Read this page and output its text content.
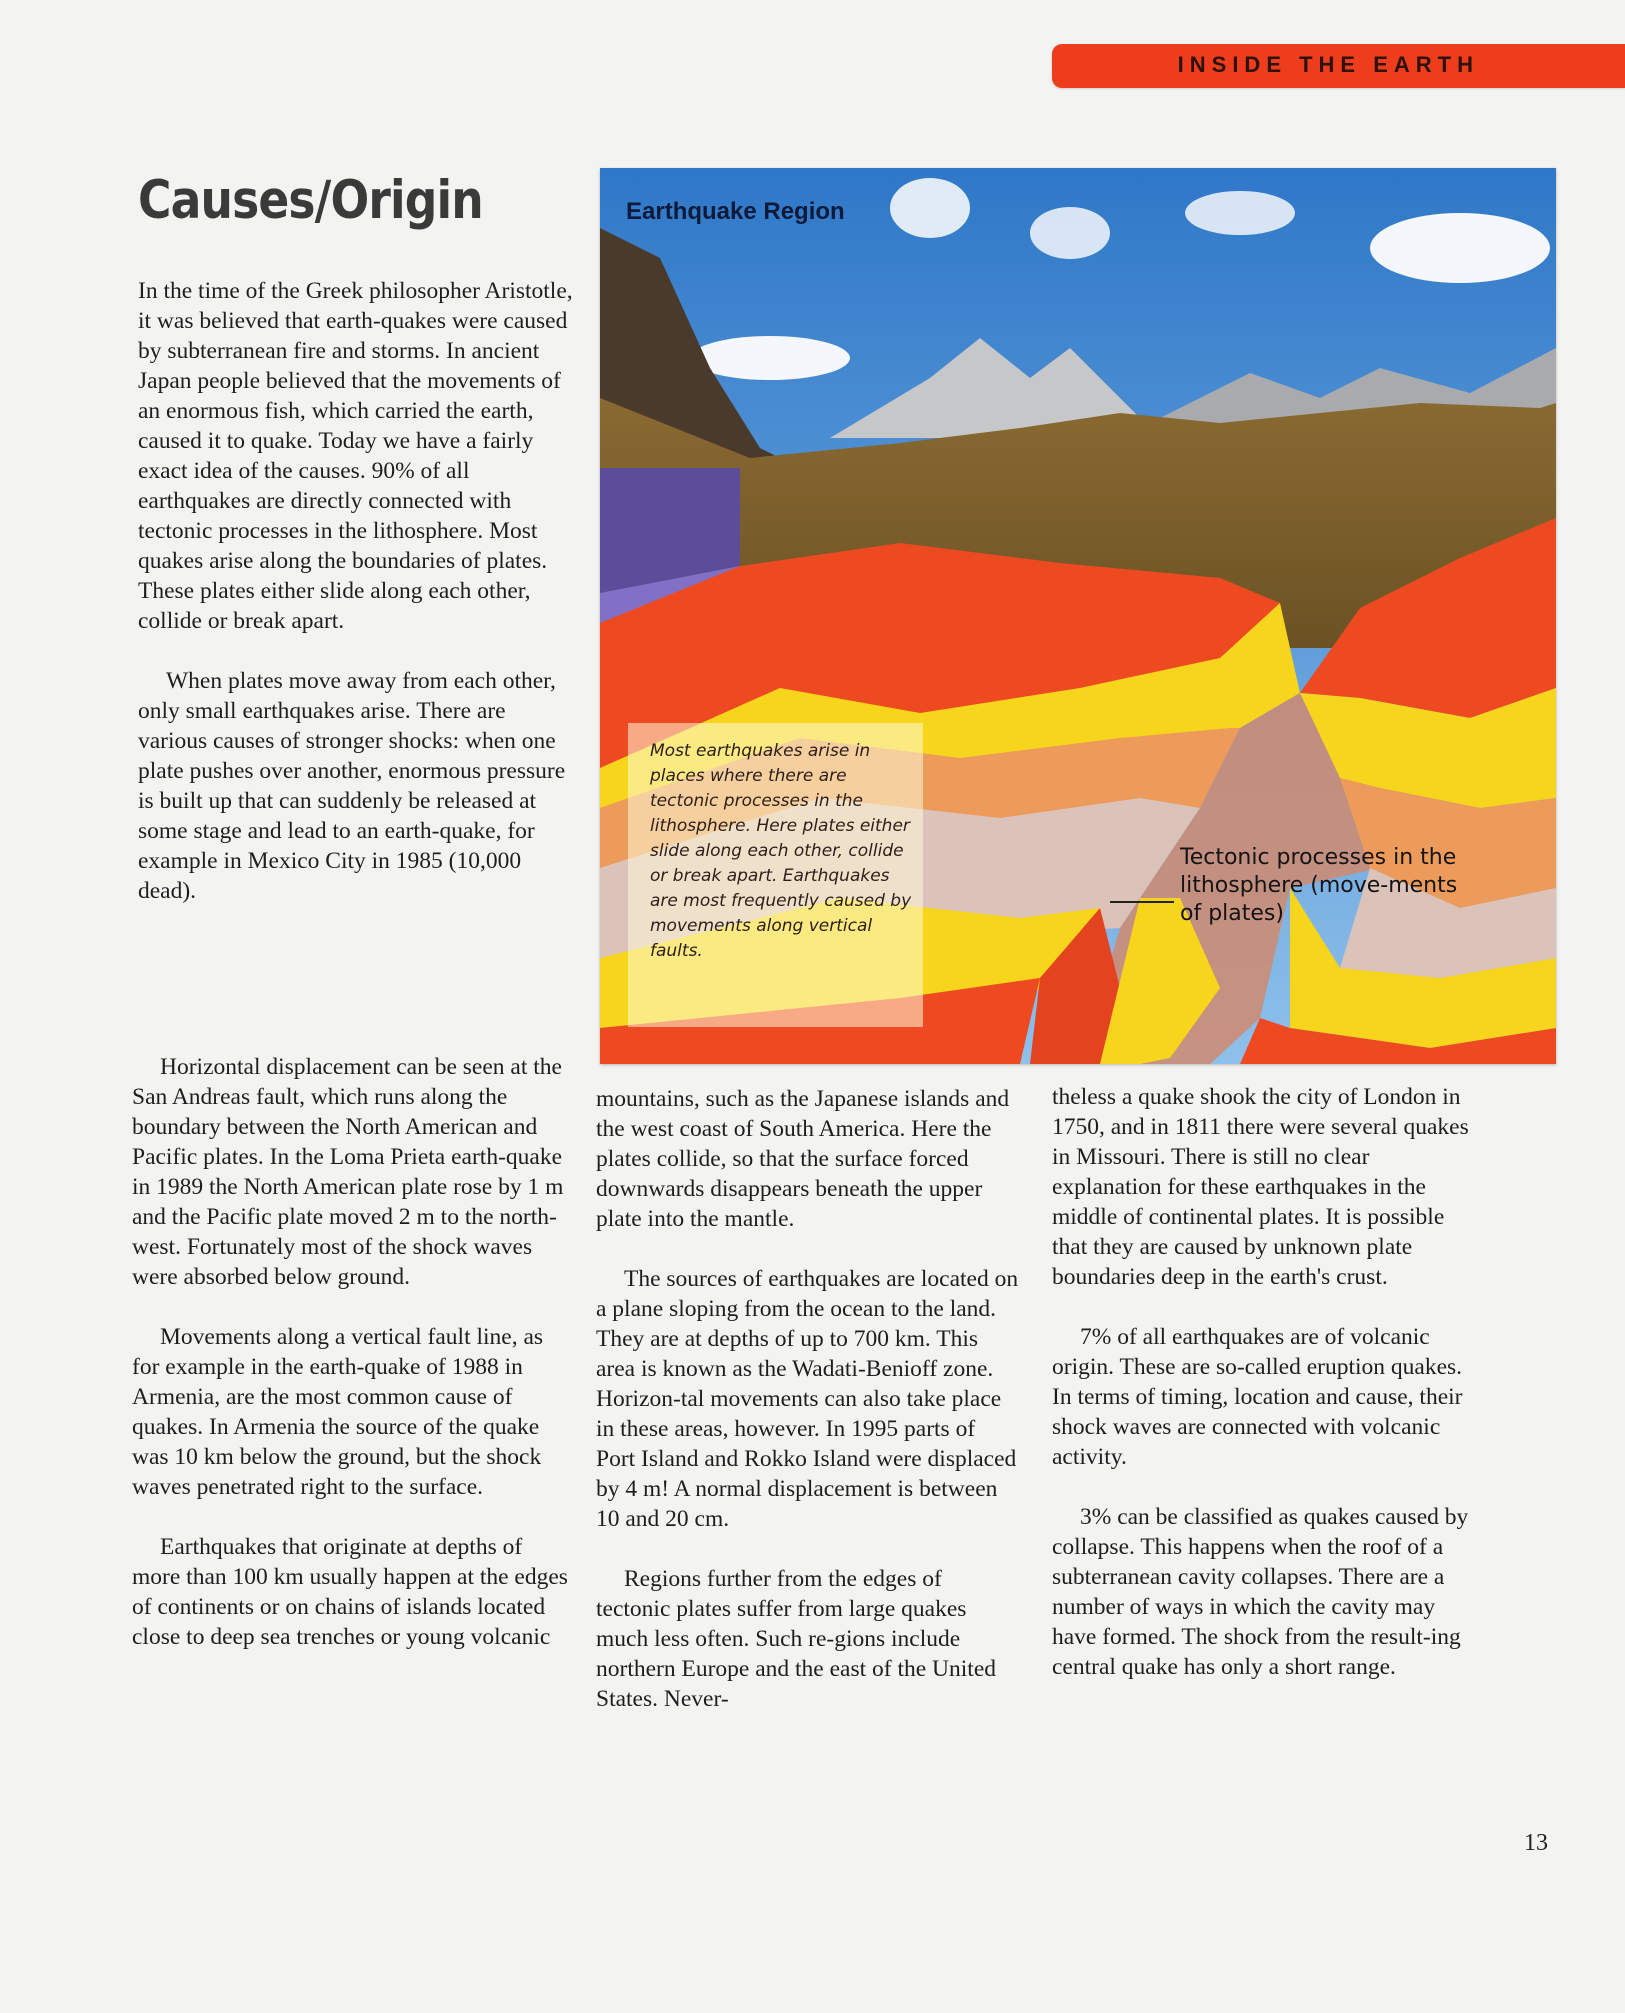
INSIDE THE EARTH
Causes/Origin

In the time of the Greek philosopher Aristotle, it was believed that earth-quakes were caused by subterranean fire and storms. In ancient Japan people believed that the movements of an enormous fish, which carried the earth, caused it to quake. Today we have a fairly exact idea of the causes. 90% of all earthquakes are directly connected with tectonic processes in the lithosphere. Most quakes arise along the boundaries of plates. These plates either slide along each other, collide or break apart.

When plates move away from each other, only small earthquakes arise. There are various causes of stronger shocks: when one plate pushes over another, enormous pressure is built up that can suddenly be released at some stage and lead to an earth-quake, for example in Mexico City in 1985 (10,000 dead).

Earthquake Region
Most earthquakes arise in places where there are tectonic processes in the lithosphere. Here plates either slide along each other, collide or break apart. Earthquakes are most frequently caused by movements along vertical faults.
Tectonic processes in the lithosphere (move-ments of plates)

Horizontal displacement can be seen at the San Andreas fault, which runs along the boundary between the North American and Pacific plates. In the Loma Prieta earth-quake in 1989 the North American plate rose by 1 m and the Pacific plate moved 2 m to the north-west. Fortunately most of the shock waves were absorbed below ground.

Movements along a vertical fault line, as for example in the earth-quake of 1988 in Armenia, are the most common cause of quakes. In Armenia the source of the quake was 10 km below the ground, but the shock waves penetrated right to the surface.

Earthquakes that originate at depths of more than 100 km usually happen at the edges of continents or on chains of islands located close to deep sea trenches or young volcanic

mountains, such as the Japanese islands and the west coast of South America. Here the plates collide, so that the surface forced downwards disappears beneath the upper plate into the mantle.

The sources of earthquakes are located on a plane sloping from the ocean to the land. They are at depths of up to 700 km. This area is known as the Wadati-Benioff zone. Horizon-tal movements can also take place in these areas, however. In 1995 parts of Port Island and Rokko Island were displaced by 4 m! A normal displacement is between 10 and 20 cm.

Regions further from the edges of tectonic plates suffer from large quakes much less often. Such re-gions include northern Europe and the east of the United States. Never-

theless a quake shook the city of London in 1750, and in 1811 there were several quakes in Missouri. There is still no clear explanation for these earthquakes in the middle of continental plates. It is possible that they are caused by unknown plate boundaries deep in the earth's crust.

7% of all earthquakes are of volcanic origin. These are so-called eruption quakes. In terms of timing, location and cause, their shock waves are connected with volcanic activity.

3% can be classified as quakes caused by collapse. This happens when the roof of a subterranean cavity collapses. There are a number of ways in which the cavity may have formed. The shock from the result-ing central quake has only a short range.

13
